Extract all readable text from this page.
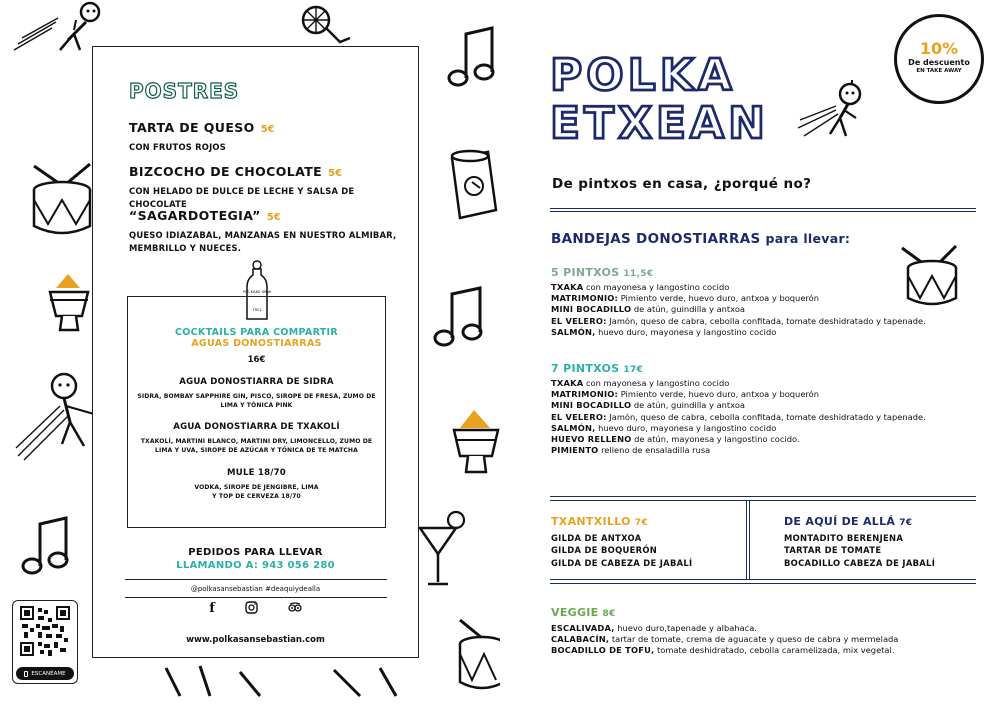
POSTRES
TARTA DE QUESO 5€
CON FRUTOS ROJOS
BIZCOCHO DE CHOCOLATE 5€
CON HELADO DE DULCE DE LECHE Y SALSA DE CHOCOLATE
“SAGARDOTEGIA” 5€
QUESO IDIAZABAL, MANZANAS EN NUESTRO ALMIBAR, MEMBRILLO Y NUECES.
POL KAXO URAK
75CL
COCKTAILS PARA COMPARTIR
AGUAS DONOSTIARRAS
16€
AGUA DONOSTIARRA DE SIDRA
SIDRA, BOMBAY SAPPHIRE GIN, PISCO, SIROPE DE FRESA, ZUMO DE LIMA Y TÓNICA PINK
AGUA DONOSTIARRA DE TXAKOLÍ
TXAKOLÍ, MARTINI BLANCO, MARTINI DRY, LIMONCELLO, ZUMO DE LIMA Y UVA, SIROPE DE AZÚCAR Y TÓNICA DE TE MATCHA
MULE 18/70
VODKA, SIROPE DE JENGIBRE, LIMA Y TOP DE CERVEZA 18/70
PEDIDOS PARA LLEVAR
LLAMANDO A: 943 056 280
@polkasansebastian #deaquiydealla
f
www.polkasansebastian.com
ESCANÉAME
POLKA
ETXEAN
10%
De descuento
EN TAKE AWAY
De pintxos en casa, ¿porqué no?
BANDEJAS DONOSTIARRAS para llevar:
5 PINTXOS 11,5€
TXAKA con mayonesa y langostino cocido
MATRIMONIO: Pimiento verde, huevo duro, antxoa y boquerón
MINI BOCADILLO de atún, guindilla y antxoa
EL VELERO: Jamón, queso de cabra, cebolla confitada, tomate deshidratado y tapenade.
SALMÓN, huevo duro, mayonesa y langostino cocido
7 PINTXOS 17€
TXAKA con mayonesa y langostino cocido
MATRIMONIO: Pimiento verde, huevo duro, antxoa y boquerón
MINI BOCADILLO de atún, guindilla y antxoa
EL VELERO: Jamón, queso de cabra, cebolla confitada, tomate deshidratado y tapenade.
SALMÓN, huevo duro, mayonesa y langostino cocido
HUEVO RELLENO de atún, mayonesa y langostino cocido.
PIMIENTO relleno de ensaladilla rusa
TXANTXILLO 7€
GILDA DE ANTXOA
GILDA DE BOQUERÓN
GILDA DE CABEZA DE JABALÍ
DE AQUÍ DE ALLÁ 7€
MONTADITO BERENJENA
TARTAR DE TOMATE
BOCADILLO CABEZA DE JABALÍ
VEGGIE 8€
ESCALIVADA, huevo duro,tapenade y albahaca.
CALABACÍN, tartar de tomate, crema de aguacate y queso de cabra y mermelada
BOCADILLO DE TOFU, tomate deshidratado, cebolla caramelizada, mix vegetal.
